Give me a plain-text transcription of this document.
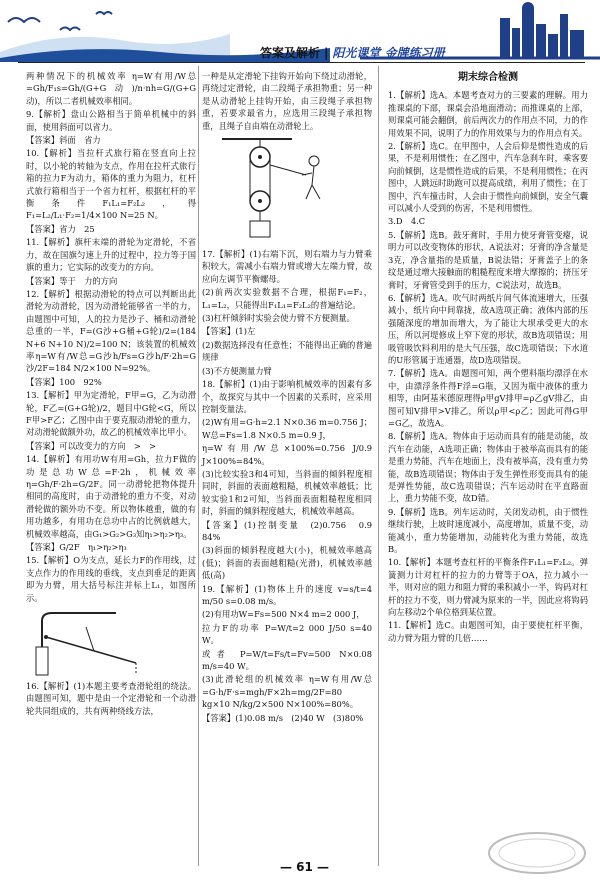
答案及解析 | 阳光课堂 金牌练习册

两种情况下的机械效率 η=W有用/W总=Gh/F₁s=Gh/(G+G动)/n·nh=G/(G+G动)，所以二者机械效率相同。

9.【解析】盘山公路相当于简单机械中的斜面，使用斜面可以省力。

【答案】斜面　省力

10.【解析】当拉杆式旅行箱在竖直向上拉时，以小轮的转轴为支点，作用在拉杆式旅行箱的拉力F为动力，箱体的重力为阻力，杠杆式旅行箱相当于一个省力杠杆，根据杠杆的平衡条件F₁L₁=F₂L₂，得F₁=L₂/L₁·F₂=1/4×100 N=25 N。

【答案】省力　25

11.【解析】旗杆末端的滑轮为定滑轮，不省力，故在国旗匀速上升的过程中，拉力等于国旗的重力；它实际的改变力的方向。

【答案】等于　力的方向

12.【解析】根据动滑轮的特点可以判断出此滑轮为动滑轮，因为动滑轮能够省一半的力，由题图中可知，人的拉力是沙子、桶和动滑轮总重的一半，F=(G沙+G桶+G轮)/2=(184 N+6 N+10 N)/2=100 N；该装置的机械效率η=W有/W总=G沙h/Fs=G沙h/F·2h=G沙/2F=184 N/2×100 N=92%。

【答案】100　92%

13.【解析】甲为定滑轮，F甲=G，乙为动滑轮，F乙=(G+G轮)/2，题目中G轮<G，所以F甲>F乙；乙图中由于要克服动滑轮的重力，对动滑轮做额外功，故乙的机械效率比甲小。

【答案】可以改变力的方向　>　>

14.【解析】有用功W有用=Gh，拉力F做的功是总功W总=F·2h，机械效率η=Gh/F·2h=G/2F。同一动滑轮把物体提升相同的高度时，由于动滑轮的重力不变，对动滑轮做的额外功不变。所以物体越重，做的有用功越多，有用功在总功中占的比例就越大，机械效率越高，由G₁>G₂>G₃知η₁>η₂>η₃。

【答案】G/2F　η₁>η₂>η₃

15.【解析】O为支点，延长力F的作用线，过支点作力的作用线的垂线，支点到垂足的距离即为力臂，用大括号标注并标上L₁，如图所示。

16.【解析】(1)本题主要考查滑轮组的绕法。由题图可知，题中是由一个定滑轮和一个动滑轮共同组成的，共有两种绕线方法，

一种是从定滑轮下挂钩开始向下绕过动滑轮，再绕过定滑轮，由二段绳子承担物重；另一种是从动滑轮上挂钩开始，由三段绳子承担物重，若要求最省力，应选用三段绳子承担物重，且绳子自由端在动滑轮上。

17.【解析】(1)右端下沉，则右端力与力臂乘积较大，需减小右端力臂或增大左端力臂，故应向左调节平衡螺母。

(2)前两次实验数据不合理，根据F₁=F₂，L₁=L₂，只能得出F₁L₁=F₂L₂的普遍结论。

(3)杠杆倾斜时实验会使力臂不方便测量。

【答案】(1)左

(2)数据选择没有任意性；不能得出正确的普遍规律

(3)不方便测量力臂

18.【解析】(1)由于影响机械效率的因素有多个，故探究与其中一个因素的关系时，应采用控制变量法。

(2)W有用=G·h=2.1 N×0.36 m=0.756 J；W总=Fs=1.8 N×0.5 m=0.9 J，

η=W有用/W总×100%=0.756 J/0.9 J×100%=84%。

(3)比较实验3和4可知，当斜面的倾斜程度相同时，斜面的表面越粗糙，机械效率越低；比较实验1和2可知，当斜面表面粗糙程度相同时，斜面的倾斜程度越大，机械效率越高。

【答案】(1)控制变量　(2)0.756　0.9　84%

(3)斜面的倾斜程度越大(小)，机械效率越高(低)；斜面的表面越粗糙(光滑)，机械效率越低(高)

19.【解析】(1)物体上升的速度 v=s/t=4 m/50 s=0.08 m/s。

(2)有用功W=Fs=500 N×4 m=2 000 J，

拉力F的功率 P=W/t=2 000 J/50 s=40 W。

或者 P=W/t=Fs/t=Fv=500 N×0.08 m/s=40 W。

(3)此滑轮组的机械效率 η=W有用/W总=G·h/F·s=mgh/F×2h=mg/2F=80 kg×10 N/kg/2×500 N×100%=80%。

【答案】(1)0.08 m/s　(2)40 W　(3)80%

期末综合检测

1.【解析】选A。本题考查对力的三要素的理解。用力推课桌的下部，课桌会沿地面滑动；而推课桌的上部，则课桌可能会翻倒，前后两次力的作用点不同，力的作用效果不同，说明了力的作用效果与力的作用点有关。

2.【解析】选C。在甲图中，人会后仰是惯性造成的后果，不是利用惯性；在乙图中，汽车急刹车时，乘客要向前倾倒，这是惯性造成的后果，不是利用惯性；在丙图中，人跳远时助跑可以提高成绩，利用了惯性；在丁图中，汽车撞击时，人会由于惯性向前倾倒，安全气囊可以减小人受到的伤害，不是利用惯性。

3.D　4.C

5.【解析】选B。鼓牙膏时，手用力使牙膏管变瘪，说明力可以改变物体的形状，A说法对；牙膏的净含量是3克，净含量指的是质量，B说法错；牙膏盖子上的条纹是通过增大接触面的粗糙程度来增大摩擦的；挤压牙膏时，牙膏管受到手的压力，C说法对，故选B。

6.【解析】选A。吹气时两纸片间气体流速增大，压强减小，纸片向中间靠拢，故A选项正确；液体内部的压强随深度的增加而增大，为了能让大坝承受更大的水压，所以河堤修成上窄下宽的形状，故B选项错误；用吸管吸饮料利用的是大气压强，故C选项错误；下水道的U形管属于连通器，故D选项错误。

7.【解析】选A。由题图可知，两个塑料瓶均漂浮在水中，由漂浮条件得F浮=G瓶，又因为瓶中液体的重力相等，由阿基米德原理得ρ甲gV排甲=ρ乙gV排乙，由图可知V排甲>V排乙，所以ρ甲<ρ乙；因此可得G甲=G乙，故选A。

8.【解析】选A。物体由于运动而具有的能是动能，故汽车在动能，A选项正确；物体由于被举高而具有的能是重力势能，汽车在地面上，没有被举高，没有重力势能，故B选项错误；物体由于发生弹性形变而具有的能是弹性势能，故C选项错误；汽车运动时在平直路面上，重力势能不变，故D错。

9.【解析】选B。列车运动时，关闭发动机，由于惯性继续行驶，上坡时速度减小，高度增加，质量不变，动能减小，重力势能增加，动能转化为重力势能，故选B。

10.【解析】本题考查杠杆的平衡条件F₁L₁=F₂L₂。弹簧测力计对杠杆的拉力的力臂等于OA，拉力减小一半，则对应的阻力和阻力臂的乘积减小一半，钩码对杠杆的拉力不变，则力臂减为原来的一半，因此应将钩码向左移动2个单位格到某位置。

11.【解析】选C。由题图可知，由于要使杠杆平衡，动力臂为阻力臂的几倍……

— 61 —
